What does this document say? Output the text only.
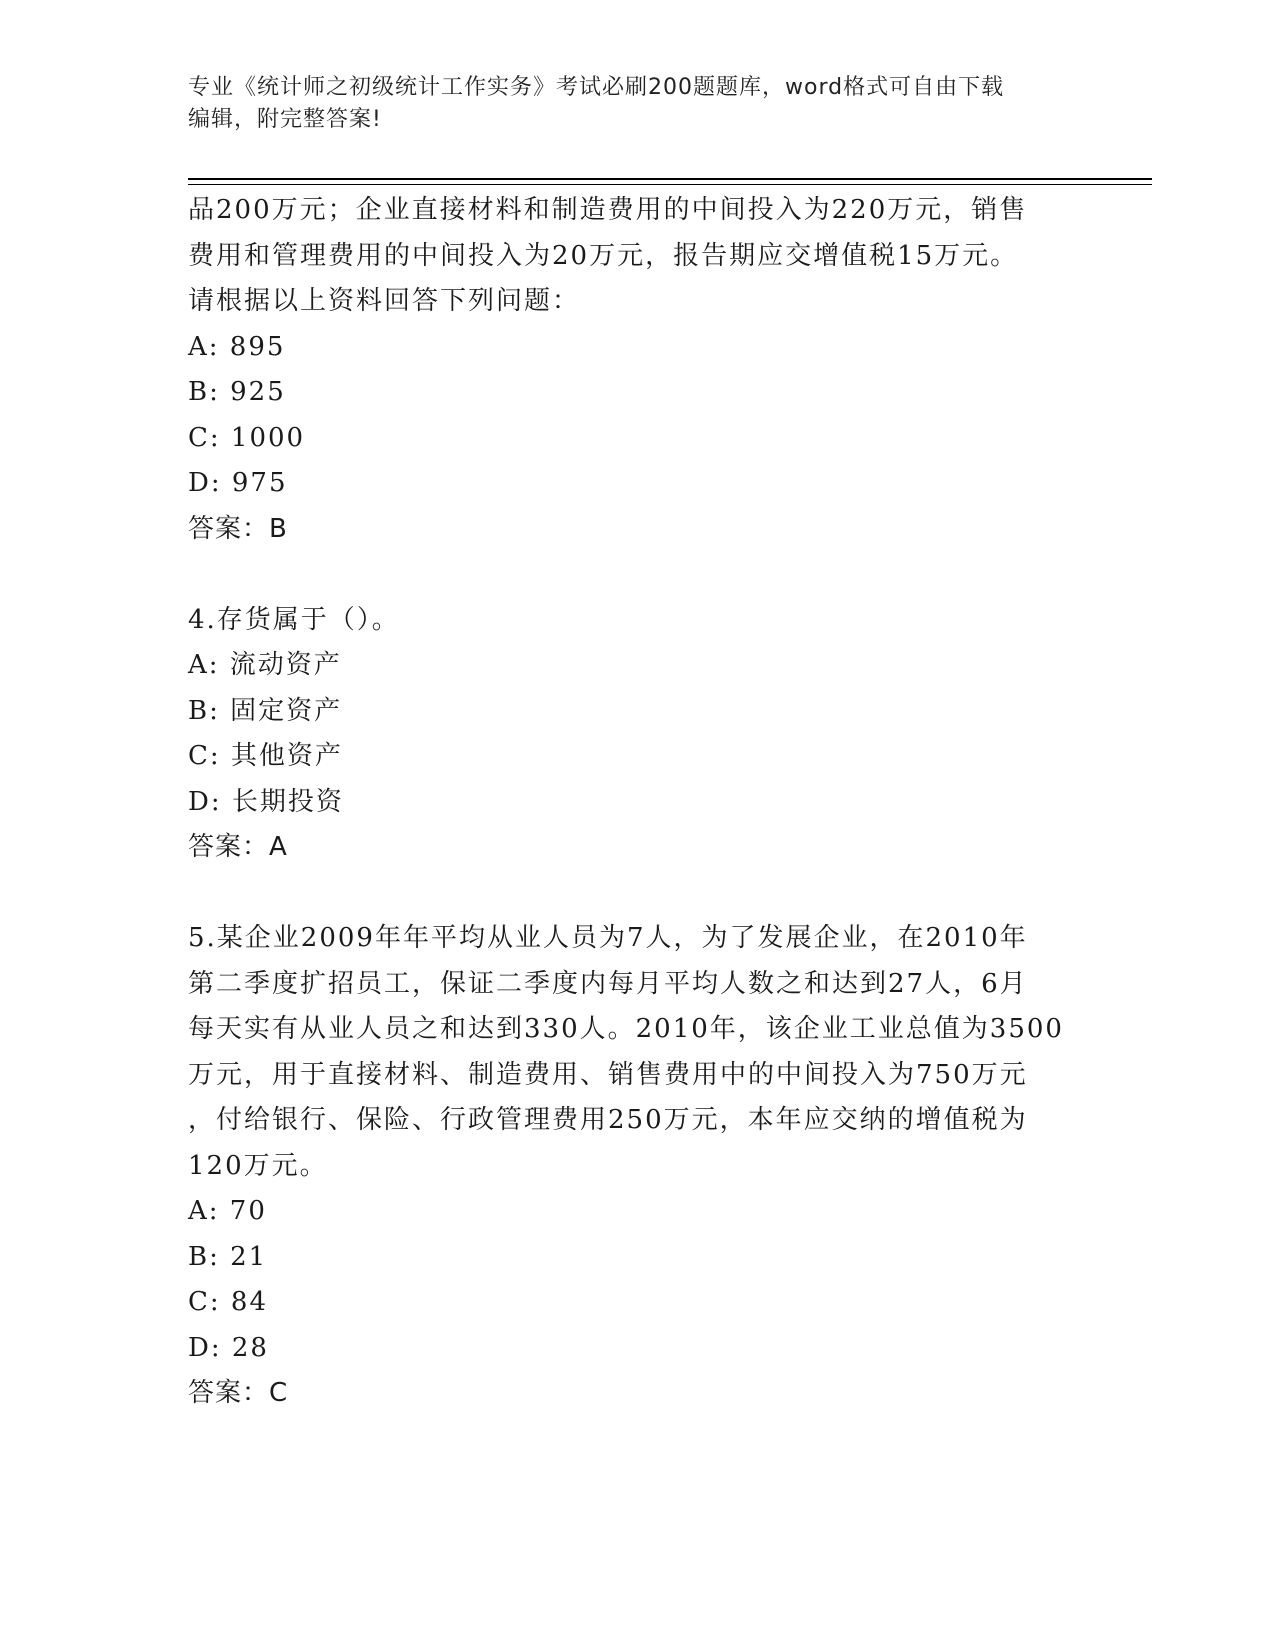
专业《统计师之初级统计工作实务》考试必刷200题题库，word格式可自由下载
编辑，附完整答案!
品200万元；企业直接材料和制造费用的中间投入为220万元，销售
费用和管理费用的中间投入为20万元，报告期应交增值税15万元。
请根据以上资料回答下列问题：
A: 895
B: 925
C: 1000
D: 975
答案：B
4.存货属于（）。
A: 流动资产
B: 固定资产
C: 其他资产
D: 长期投资
答案：A
5.某企业2009年年平均从业人员为7人，为了发展企业，在2010年
第二季度扩招员工，保证二季度内每月平均人数之和达到27人，6月
每天实有从业人员之和达到330人。2010年，该企业工业总值为3500
万元，用于直接材料、制造费用、销售费用中的中间投入为750万元
，付给银行、保险、行政管理费用250万元，本年应交纳的增值税为
120万元。
A: 70
B: 21
C: 84
D: 28
答案：C
